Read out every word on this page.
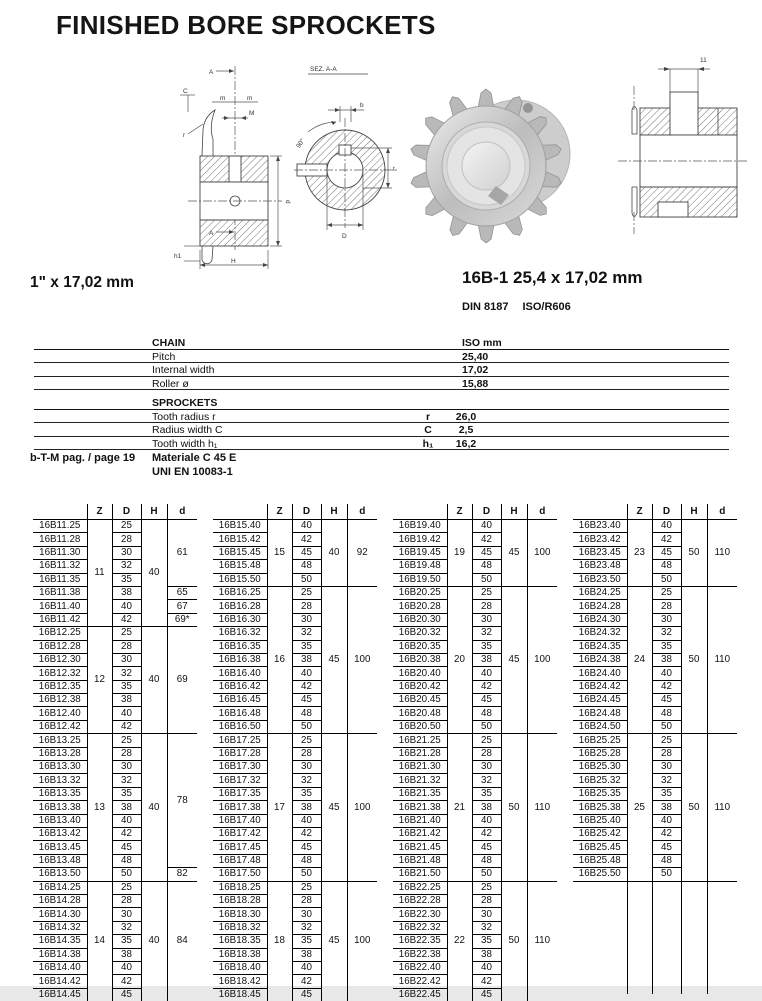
FINISHED BORE SPROCKETS
A
C
r
m	m
M
d
A
h1
H
SEZ. A-A
b
90°
D
t
11
1" x 17,02 mm	16B-1 25,4 x 17,02 mm
DIN 8187 ISO/R606
CHAIN	ISO mm
Pitch	25,40
Internal width	17,02
Roller ø	15,88
SPROCKETS
Tooth radius r	r	26,0
Radius width C	C	2,5
Tooth width h₁	h₁	16,2
b-T-M pag. / page 19 Materiale C 45 E
UNI EN 10083-1
	Z	D	H	d
16B11.25	11	25	40	61
16B11.28		28		
16B11.30		30		
16B11.32		32		
16B11.35		35		
16B11.38		38		65
16B11.40		40		67
16B11.42		42		69*
16B12.25	12	25	40	69
16B12.28		28		
16B12.30		30		
16B12.32		32		
16B12.35		35		
16B12.38		38		
16B12.40		40		
16B12.42		42		
16B13.25	13	25	40	78
16B13.28		28		
16B13.30		30		
16B13.32		32		
16B13.35		35		
16B13.38		38		
16B13.40		40		
16B13.42		42		
16B13.45		45		
16B13.48		48		
16B13.50		50		82
16B14.25	14	25	40	84
16B14.28		28		
16B14.30		30		
16B14.32		32		
16B14.35		35		
16B14.38		38		
16B14.40		40		
16B14.42		42		
16B14.45		45		
	Z	D	H	d
16B15.40	15	40	40	92
16B15.42		42		
16B15.45		45		
16B15.48		48		
16B15.50		50		
16B16.25	16	25	45	100
16B16.28		28		
16B16.30		30		
16B16.32		32		
16B16.35		35		
16B16.38		38		
16B16.40		40		
16B16.42		42		
16B16.45		45		
16B16.48		48		
16B16.50		50		
16B17.25	17	25	45	100
16B17.28		28		
16B17.30		30		
16B17.32		32		
16B17.35		35		
16B17.38		38		
16B17.40		40		
16B17.42		42		
16B17.45		45		
16B17.48		48		
16B17.50		50		
16B18.25	18	25	45	100
16B18.28		28		
16B18.30		30		
16B18.32		32		
16B18.35		35		
16B18.38		38		
16B18.40		40		
16B18.42		42		
16B18.45		45		
	Z	D	H	d
16B19.40	19	40	45	100
16B19.42		42		
16B19.45		45		
16B19.48		48		
16B19.50		50		
16B20.25	20	25	45	100
16B20.28		28		
16B20.30		30		
16B20.32		32		
16B20.35		35		
16B20.38		38		
16B20.40		40		
16B20.42		42		
16B20.45		45		
16B20.48		48		
16B20.50		50		
16B21.25	21	25	50	110
16B21.28		28		
16B21.30		30		
16B21.32		32		
16B21.35		35		
16B21.38		38		
16B21.40		40		
16B21.42		42		
16B21.45		45		
16B21.48		48		
16B21.50		50		
16B22.25	22	25	50	110
16B22.28		28		
16B22.30		30		
16B22.32		32		
16B22.35		35		
16B22.38		38		
16B22.40		40		
16B22.42		42		
16B22.45		45		
	Z	D	H	d
16B23.40	23	40	50	110
16B23.42		42		
16B23.45		45		
16B23.48		48		
16B23.50		50		
16B24.25	24	25	50	110
16B24.28		28		
16B24.30		30		
16B24.32		32		
16B24.35		35		
16B24.38		38		
16B24.40		40		
16B24.42		42		
16B24.45		45		
16B24.48		48		
16B24.50		50		
16B25.25	25	25	50	110
16B25.28		28		
16B25.30		30		
16B25.32		32		
16B25.35		35		
16B25.38		38		
16B25.40		40		
16B25.42		42		
16B25.45		45		
16B25.48		48		
16B25.50		50		
